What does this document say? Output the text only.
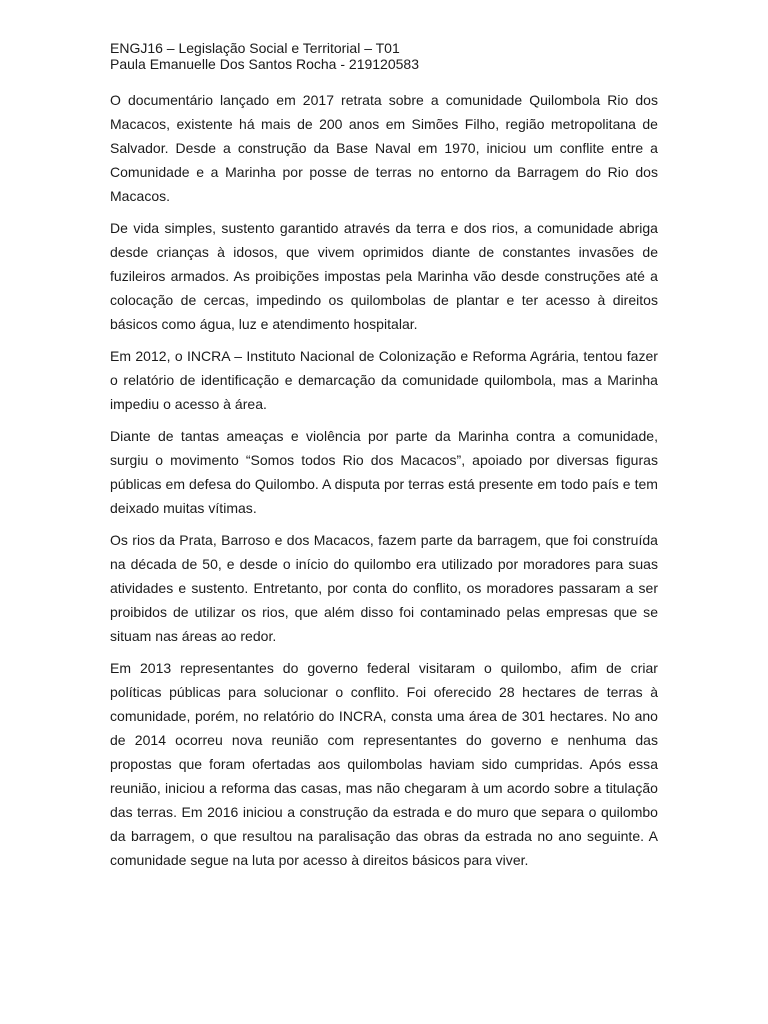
ENGJ16 – Legislação Social e Territorial – T01

Paula Emanuelle Dos Santos Rocha - 219120583

O documentário lançado em 2017 retrata sobre a comunidade Quilombola Rio dos Macacos, existente há mais de 200 anos em Simões Filho, região metropolitana de Salvador. Desde a construção da Base Naval em 1970, iniciou um conflite entre a Comunidade e a Marinha por posse de terras no entorno da Barragem do Rio dos Macacos.

De vida simples, sustento garantido através da terra e dos rios, a comunidade abriga desde crianças à idosos, que vivem oprimidos diante de constantes invasões de fuzileiros armados. As proibições impostas pela Marinha vão desde construções até a colocação de cercas, impedindo os quilombolas de plantar e ter acesso à direitos básicos como água, luz e atendimento hospitalar.

Em 2012, o INCRA – Instituto Nacional de Colonização e Reforma Agrária, tentou fazer o relatório de identificação e demarcação da comunidade quilombola, mas a Marinha impediu o acesso à área.

Diante de tantas ameaças e violência por parte da Marinha contra a comunidade, surgiu o movimento “Somos todos Rio dos Macacos”, apoiado por diversas figuras públicas em defesa do Quilombo. A disputa por terras está presente em todo país e tem deixado muitas vítimas.

Os rios da Prata, Barroso e dos Macacos, fazem parte da barragem, que foi construída na década de 50, e desde o início do quilombo era utilizado por moradores para suas atividades e sustento. Entretanto, por conta do conflito, os moradores passaram a ser proibidos de utilizar os rios, que além disso foi contaminado pelas empresas que se situam nas áreas ao redor.

Em 2013 representantes do governo federal visitaram o quilombo, afim de criar políticas públicas para solucionar o conflito. Foi oferecido 28 hectares de terras à comunidade, porém, no relatório do INCRA, consta uma área de 301 hectares. No ano de 2014 ocorreu nova reunião com representantes do governo e nenhuma das propostas que foram ofertadas aos quilombolas haviam sido cumpridas. Após essa reunião, iniciou a reforma das casas, mas não chegaram à um acordo sobre a titulação das terras. Em 2016 iniciou a construção da estrada e do muro que separa o quilombo da barragem, o que resultou na paralisação das obras da estrada no ano seguinte. A comunidade segue na luta por acesso à direitos básicos para viver.
